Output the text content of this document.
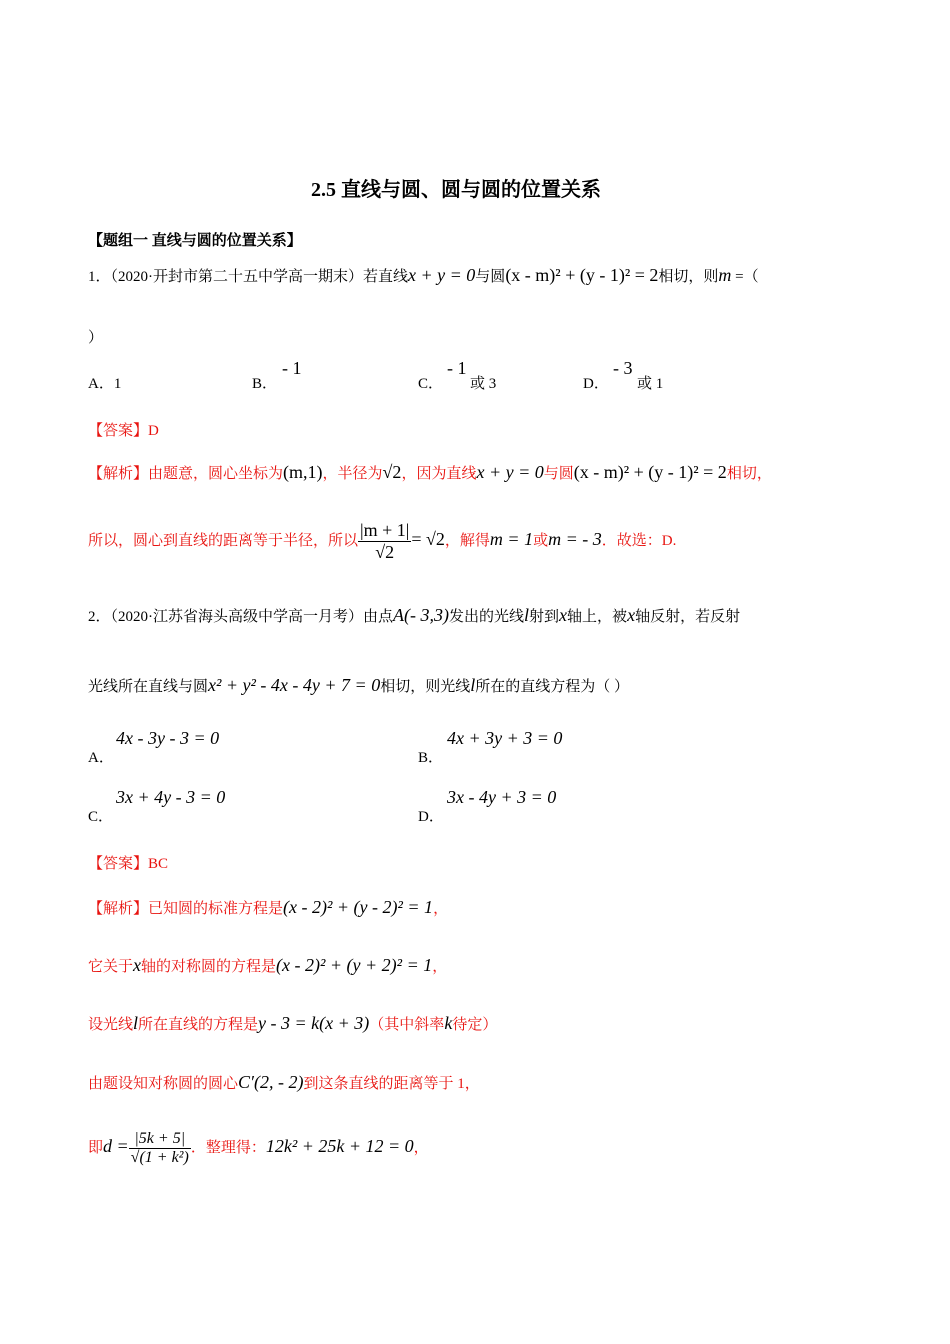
2.5 直线与圆、圆与圆的位置关系
【题组一 直线与圆的位置关系】
1．（2020·开封市第二十五中学高一期末）若直线x + y = 0与圆(x - m)² + (y - 1)² = 2相切，则m =（
）
A．1	B．
- 1
C．
- 1
或 3	D．
- 3
或 1
【答案】D
【解析】由题意，圆心坐标为(m,1)，半径为√2，因为直线x + y = 0与圆(x - m)² + (y - 1)² = 2相切，
所以，圆心到直线的距离等于半径，所以 $\frac{|m + 1|}{√2} = √2$，解得m = 1或m = - 3．故选：D.
2．（2020·江苏省海头高级中学高一月考）由点A(- 3,3)发出的光线l射到x轴上，被x轴反射，若反射
光线所在直线与圆x² + y² - 4x - 4y + 7 = 0相切，则光线l所在的直线方程为（ ）
A．
4x - 3y - 3 = 0
B．
4x + 3y + 3 = 0
C．
3x + 4y - 3 = 0
D．
3x - 4y + 3 = 0
【答案】BC
【解析】已知圆的标准方程是(x - 2)² + (y - 2)² = 1，
它关于x轴的对称圆的方程是(x - 2)² + (y + 2)² = 1，
设光线l所在直线的方程是y - 3 = k(x + 3)（其中斜率k待定）
由题设知对称圆的圆心C′(2, - 2)到这条直线的距离等于 1，
即$d = \frac{|5k + 5|}{\text{√(1 + k²)}}$ ．整理得：12k² + 25k + 12 = 0，
